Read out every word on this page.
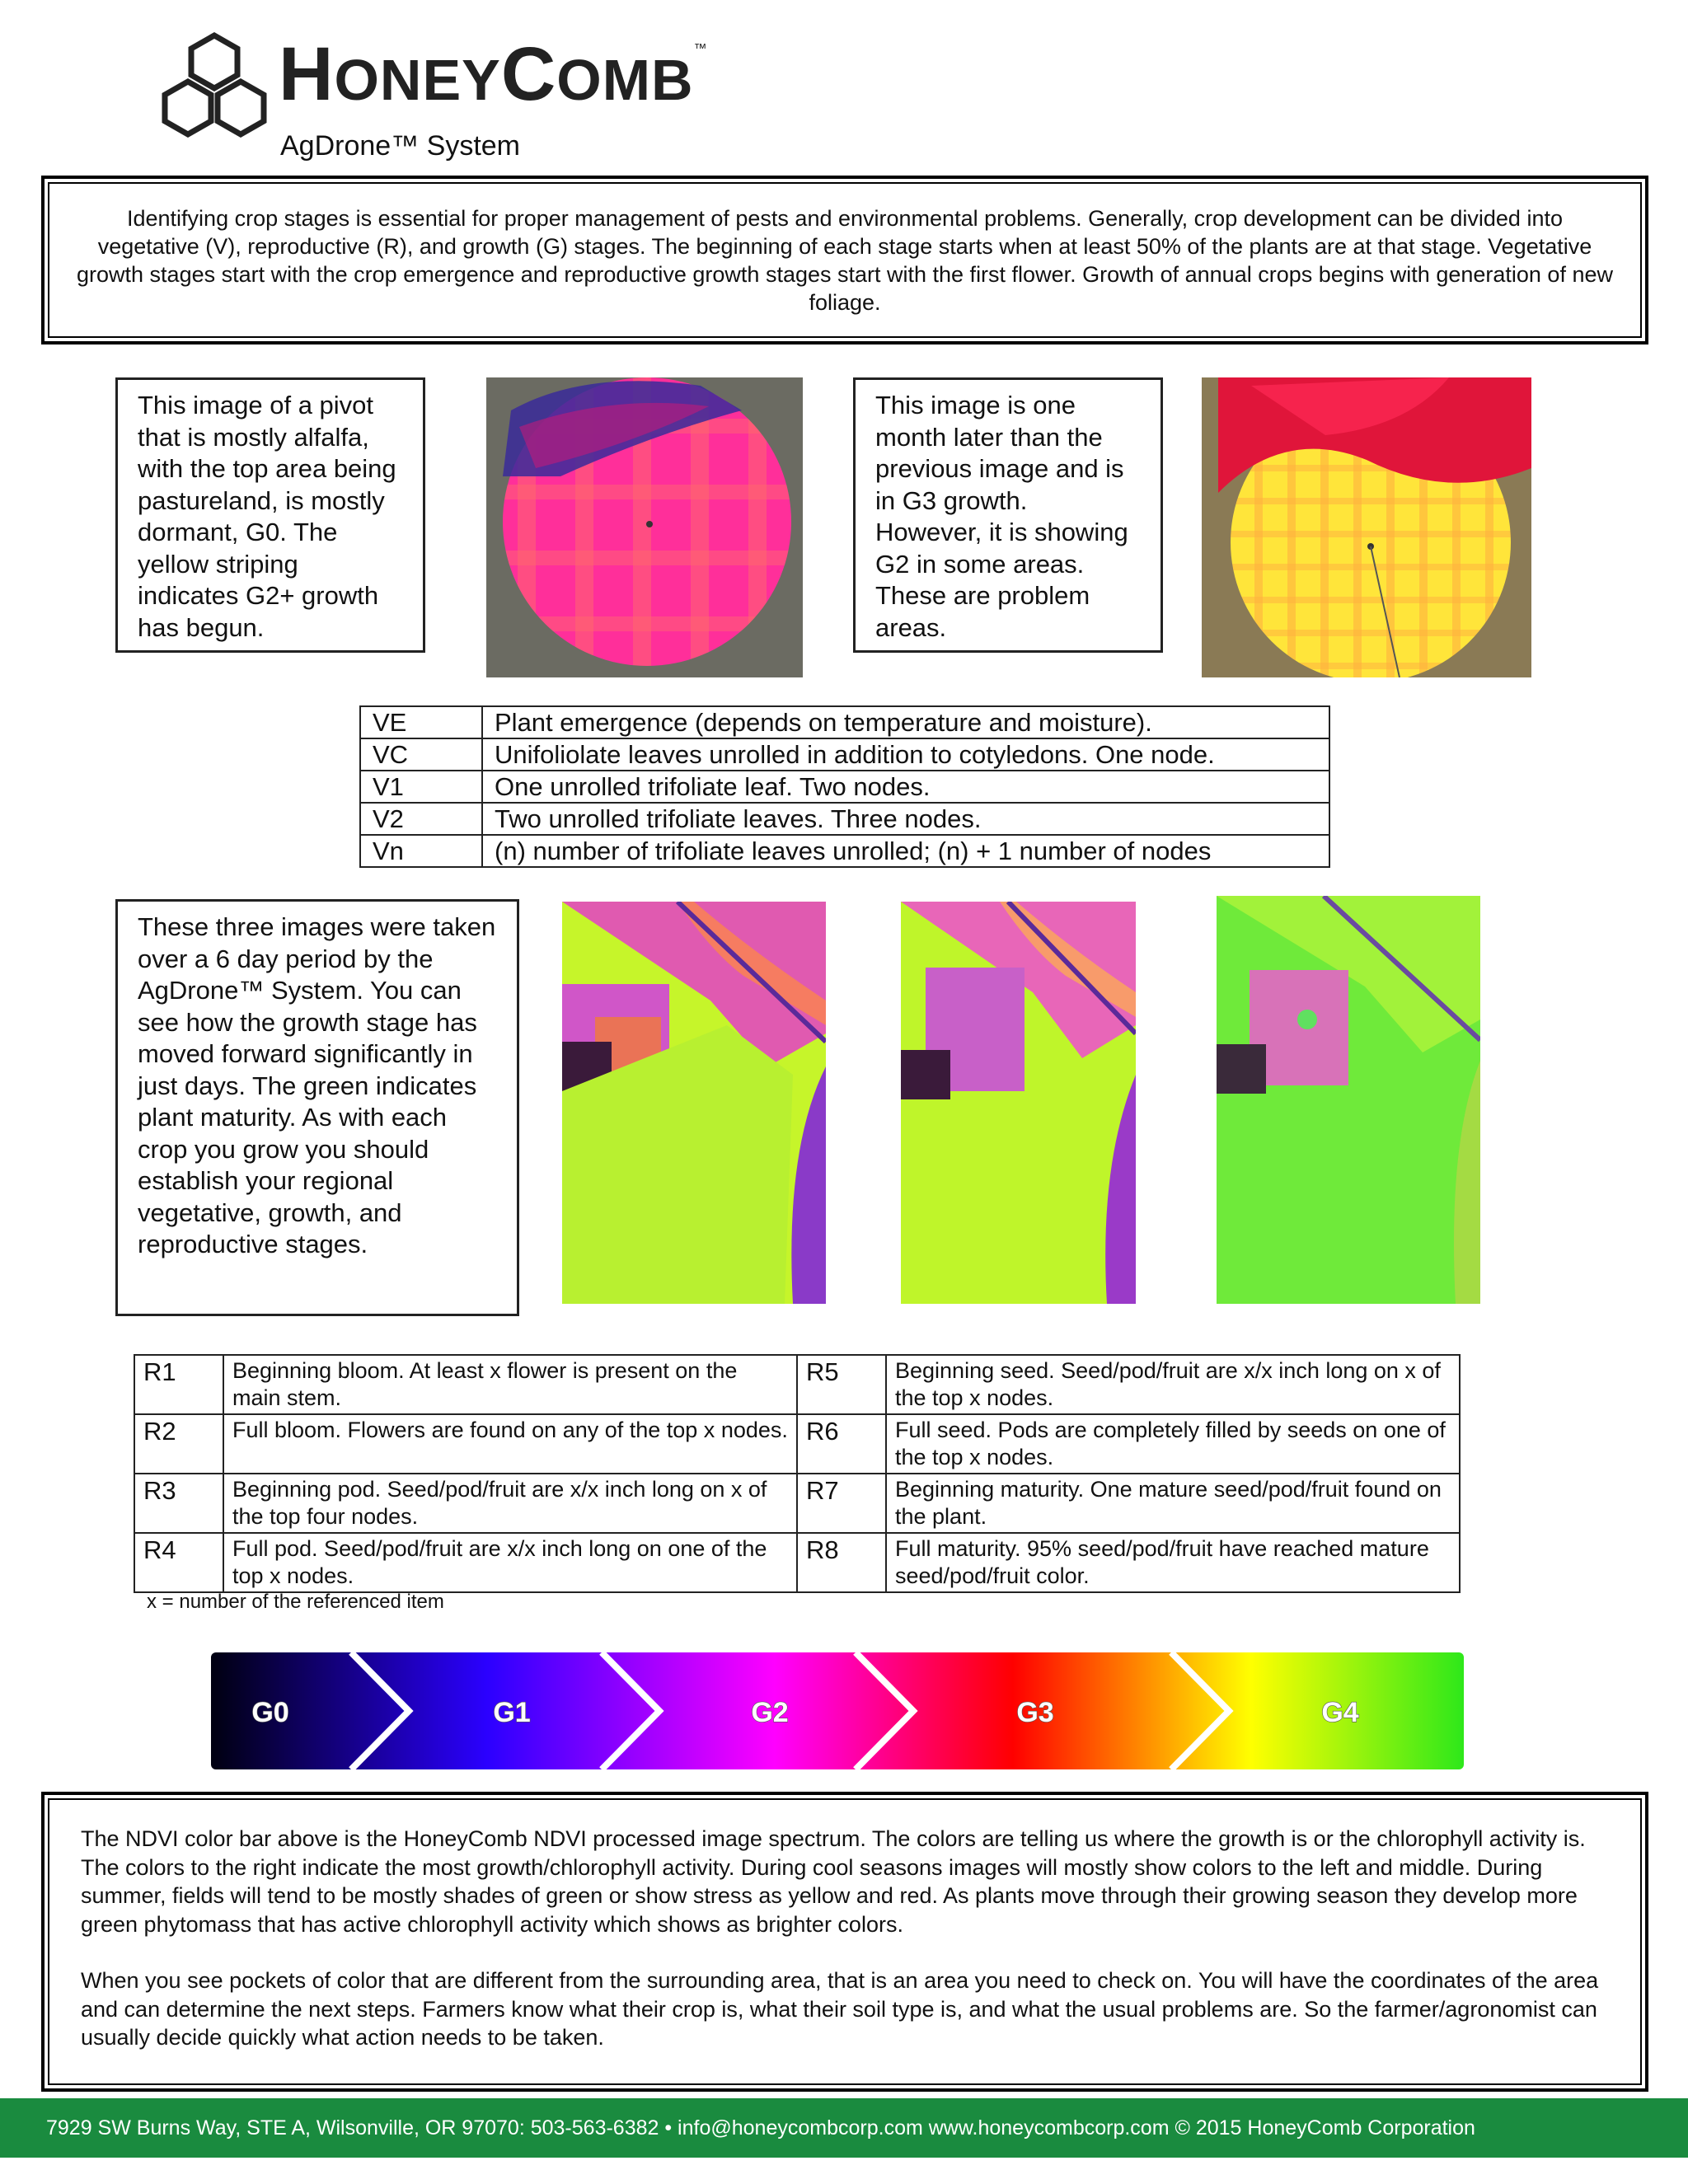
HONEYCOMB™
AgDrone™ System
Identifying crop stages is essential for proper management of pests and environmental problems. Generally, crop development can be divided into vegetative (V), reproductive (R), and growth (G) stages. The beginning of each stage starts when at least 50% of the plants are at that stage. Vegetative growth stages start with the crop emergence and reproductive growth stages start with the first flower. Growth of annual crops begins with generation of new foliage.
This image of a pivot that is mostly alfalfa, with the top area being pastureland, is mostly dormant, G0. The yellow striping indicates G2+ growth has begun.
This image is one month later than the previous image and is in G3 growth. However, it is showing G2 in some areas. These are problem areas.
VE	Plant emergence (depends on temperature and moisture).
VC	Unifoliolate leaves unrolled in addition to cotyledons. One node.
V1	One unrolled trifoliate leaf. Two nodes.
V2	Two unrolled trifoliate leaves. Three nodes.
Vn	(n) number of trifoliate leaves unrolled; (n) + 1 number of nodes
These three images were taken over a 6 day period by the AgDrone™ System. You can see how the growth stage has moved forward significantly in just days. The green indicates plant maturity. As with each crop you grow you should establish your regional vegetative, growth, and reproductive stages.
R1	Beginning bloom. At least x flower is present on the main stem.	R5	Beginning seed. Seed/pod/fruit are x/x inch long on x of the top x nodes.
R2	Full bloom. Flowers are found on any of the top x nodes.	R6	Full seed. Pods are completely filled by seeds on one of the top x nodes.
R3	Beginning pod. Seed/pod/fruit are x/x inch long on x of the top four nodes.	R7	Beginning maturity. One mature seed/pod/fruit found on the plant.
R4	Full pod. Seed/pod/fruit are x/x inch long on one of the top x nodes.	R8	Full maturity. 95% seed/pod/fruit have reached mature seed/pod/fruit color.
x = number of the referenced item
G0	G1	G2	G3	G4

The NDVI color bar above is the HoneyComb NDVI processed image spectrum. The colors are telling us where the growth is or the chlorophyll activity is. The colors to the right indicate the most growth/chlorophyll activity. During cool seasons images will mostly show colors to the left and middle. During summer, fields will tend to be mostly shades of green or show stress as yellow and red. As plants move through their growing season they develop more green phytomass that has active chlorophyll activity which shows as brighter colors.

When you see pockets of color that are different from the surrounding area, that is an area you need to check on. You will have the coordinates of the area and can determine the next steps. Farmers know what their crop is, what their soil type is, and what the usual problems are. So the farmer/agronomist can usually decide quickly what action needs to be taken.

7929 SW Burns Way, STE A, Wilsonville, OR 97070: 503-563-6382 • info@honeycombcorp.com www.honeycombcorp.com © 2015 HoneyComb Corporation
